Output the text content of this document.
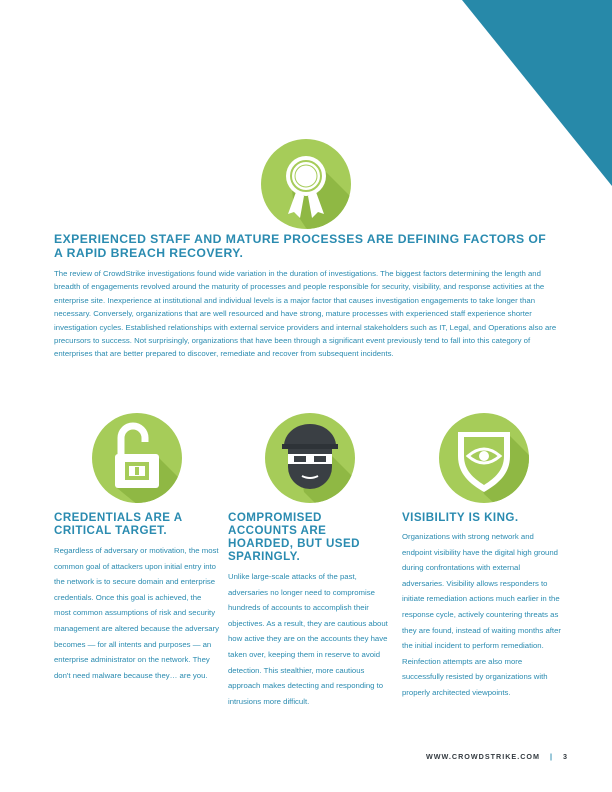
EXPERIENCED STAFF AND MATURE PROCESSES ARE DEFINING FACTORS OF A RAPID BREACH RECOVERY.

The review of CrowdStrike investigations found wide variation in the duration of investigations. The biggest factors determining the length and breadth of engagements revolved around the maturity of processes and people responsible for security, visibility, and response activities at the enterprise site. Inexperience at institutional and individual levels is a major factor that causes investigation engagements to take longer than necessary. Conversely, organizations that are well resourced and have strong, mature processes with experienced staff experience shorter investigation cycles. Established relationships with external service providers and internal stakeholders such as IT, Legal, and Operations also are precursors to success. Not surprisingly, organizations that have been through a significant event previously tend to fall into this category of enterprises that are better prepared to discover, remediate and recover from subsequent incidents.

CREDENTIALS ARE A CRITICAL TARGET.

Regardless of adversary or motivation, the most common goal of attackers upon initial entry into the network is to secure domain and enterprise credentials. Once this goal is achieved, the most common assumptions of risk and security management are altered because the adversary becomes — for all intents and purposes — an enterprise administrator on the network. They don't need malware because they… are you.

COMPROMISED ACCOUNTS ARE HOARDED, BUT USED SPARINGLY.

Unlike large-scale attacks of the past, adversaries no longer need to compromise hundreds of accounts to accomplish their objectives. As a result, they are cautious about how active they are on the accounts they have taken over, keeping them in reserve to avoid detection. This stealthier, more cautious approach makes detecting and responding to intrusions more difficult.

VISIBILITY IS KING.

Organizations with strong network and endpoint visibility have the digital high ground during confrontations with external adversaries. Visibility allows responders to initiate remediation actions much earlier in the response cycle, actively countering threats as they are found, instead of waiting months after the initial incident to perform remediation. Reinfection attempts are also more successfully resisted by organizations with properly architected viewpoints.

WWW.CROWDSTRIKE.COM | 3
